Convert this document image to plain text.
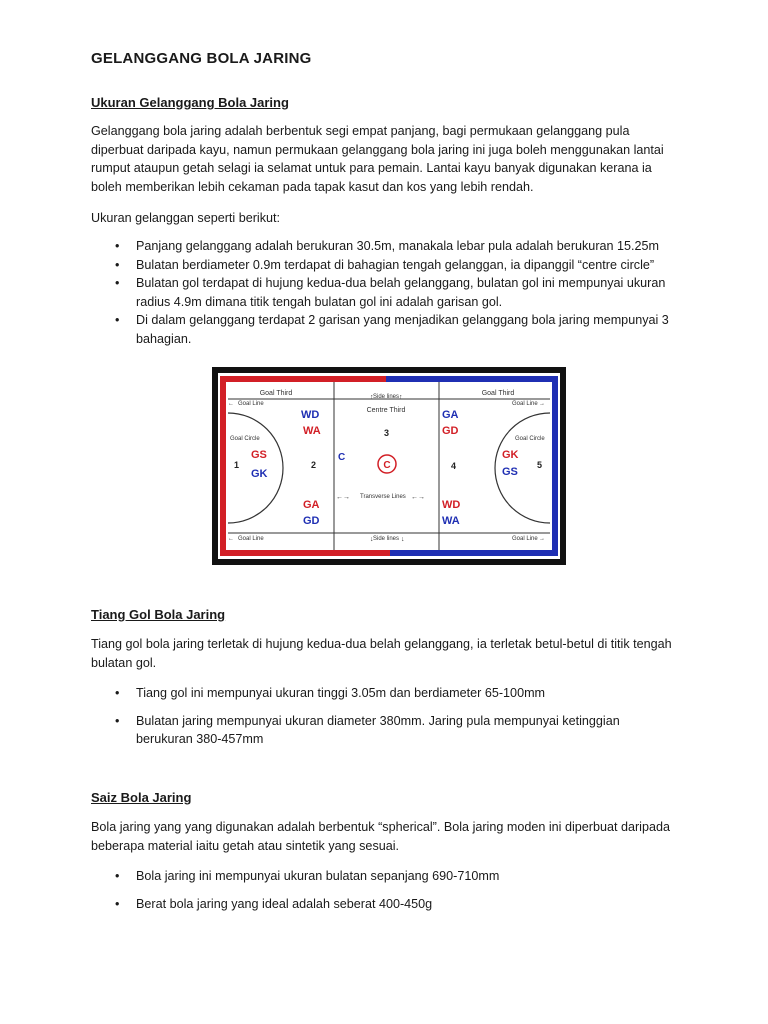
GELANGGANG BOLA JARING
Ukuran Gelanggang Bola Jaring

Gelanggang bola jaring adalah berbentuk segi empat panjang, bagi permukaan gelanggang pula diperbuat daripada kayu, namun permukaan gelanggang bola jaring ini juga boleh menggunakan lantai rumput ataupun getah selagi ia selamat untuk para pemain. Lantai kayu banyak digunakan kerana ia boleh memberikan lebih cekaman pada tapak kasut dan kos yang lebih rendah.

Ukuran gelanggan seperti berikut:

• Panjang gelanggang adalah berukuran 30.5m, manakala lebar pula adalah berukuran 15.25m
• Bulatan berdiameter 0.9m terdapat di bahagian tengah gelanggan, ia dipanggil “centre circle”
• Bulatan gol terdapat di hujung kedua-dua belah gelanggang, bulatan gol ini mempunyai ukuran radius 4.9m dimana titik tengah bulatan gol ini adalah garisan gol.
• Di dalam gelanggang terdapat 2 garisan yang menjadikan gelanggang bola jaring mempunyai 3 bahagian.
Tiang Gol Bola Jaring

Tiang gol bola jaring terletak di hujung kedua-dua belah gelanggang, ia terletak betul-betul di titik tengah bulatan gol.

• Tiang gol ini mempunyai ukuran tinggi 3.05m dan berdiameter 65-100mm
• Bulatan jaring mempunyai ukuran diameter 380mm. Jaring pula mempunyai ketinggian berukuran 380-457mm
Saiz Bola Jaring

Bola jaring yang yang digunakan adalah berbentuk “spherical”. Bola jaring moden ini diperbuat daripada beberapa material iaitu getah atau sintetik yang sesuai.

• Bola jaring ini mempunyai ukuran bulatan sepanjang 690-710mm
• Berat bola jaring yang ideal adalah seberat 400-450g
C
Goal Third	Goal Third
Centre Third
↑ Side lines ↑
↓ Side lines ↓
←→ Transverse Lines ←→
← Goal Line
← Goal Line
Goal Line →
Goal Line →
Goal Circle	Goal Circle
1	2
3
4	5
C
GS
GK
WD
WA
GA
GD
GA
GD
WD
WA
GK
GS
